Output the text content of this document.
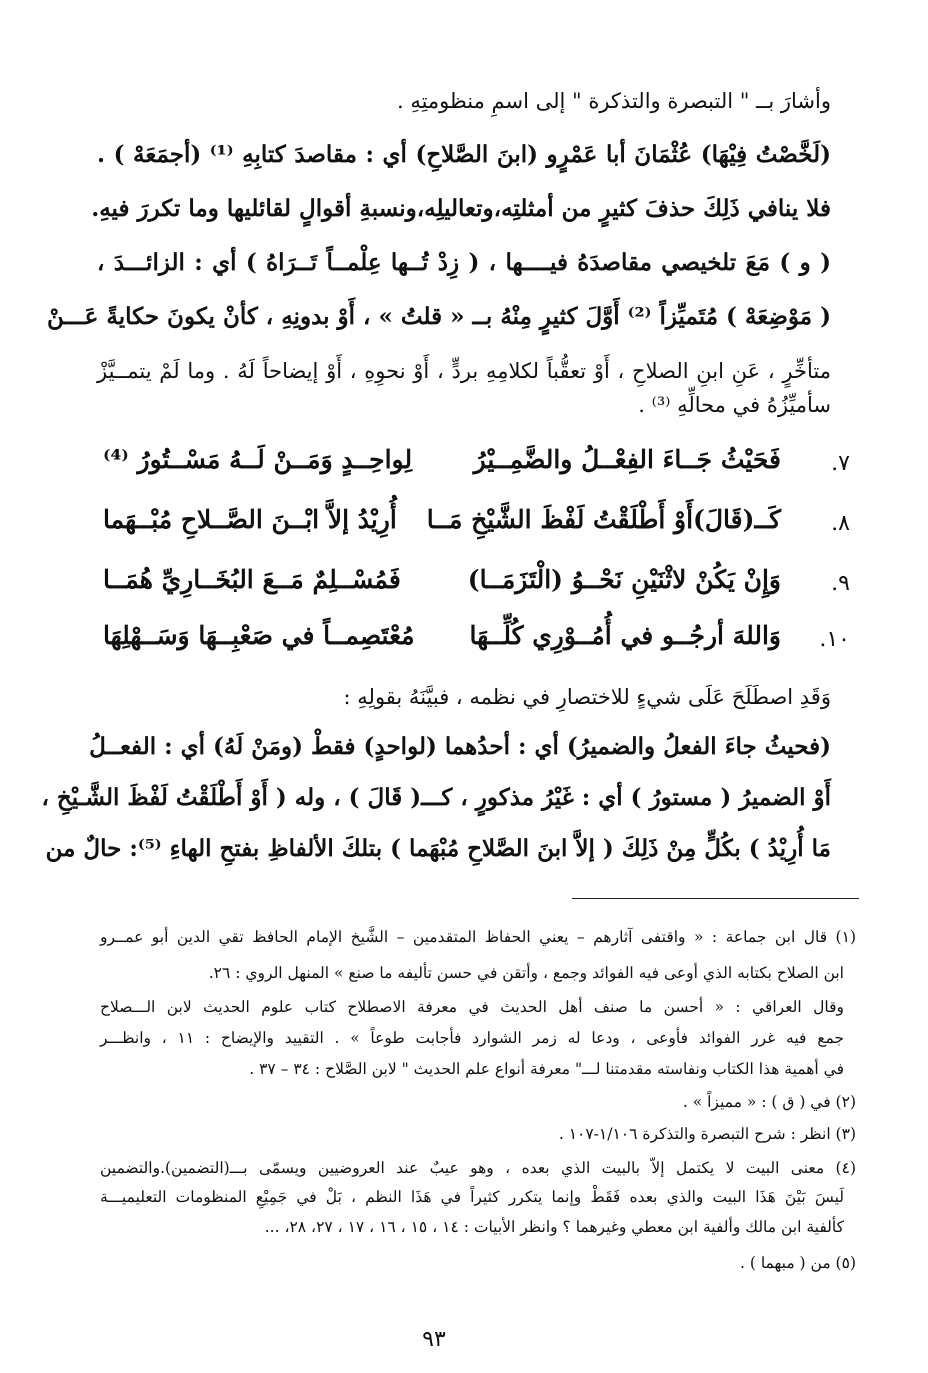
وأشارَ بــ " التبصرة والتذكرة " إلى اسمِ منظومتِهِ .
(لَخَّصْتُ فِيْهَا) عُثْمَانَ أبا عَمْرٍو (ابنَ الصَّلاحِ) أي : مقاصدَ كتابِهِ ⁽¹⁾ (أجمَعَهْ ) .
فلا ينافي ذَلِكَ حذفَ كثيرٍ من أمثلتِه،وتعاليلِه،ونسبةِ أقوالٍ لقائليها وما تكررَ فيهِ.
( و ) مَعَ تلخيصي مقاصدَهُ فيــــها ، ( زِدْ تُــها عِلْمــاً تَــرَاهُ ) أي : الزائـــدَ ،
( مَوْضِعَهْ ) مُتَميِّزاً ⁽²⁾ أَوَّلَ كثيرٍ مِنْهُ بــ « قلتُ » ، أَوْ بدونِهِ ، كأنْ يكونَ حكايةً عَـــنْ
متأخِّرٍ ، عَنِ ابنِ الصلاحِ ، أَوْ تعقُّباً لكلامِهِ بردٍّ ، أَوْ نحوِهِ ، أَوْ إيضاحاً لَهُ . وما لَمْ يتمــيَّزْ
سأميِّزُهُ في محالِّهِ ⁽³⁾ .
٧.
فَحَيْثُ جَــاءَ الفِعْــلُ والضَّمِــيْرُ
لِواحِــدٍ وَمَــنْ لَــهُ مَسْــتُورُ ⁽⁴⁾
٨.
كَــ(قَالَ)أَوْ أَطْلَقْتُ لَفْظَ الشَّيْخِ مَــا
أُرِيْدُ إلاَّ ابْــنَ الصَّــلاحِ مُبْــهَما
٩.
وَإِنْ يَكُنْ لاثْنَيْنِ نَحْــوُ (الْتَزَمَــا)
فَمُسْــلِمٌ مَــعَ البُخَــارِيِّ هُمَــا
١٠.
وَاللهَ أرجُــو في أُمُــوْرِي كُلِّــهَا
مُعْتَصِمــاً في صَعْبِــهَا وَسَــهْلِهَا
وَقَدِ اصطَلَحَ عَلَى شيءٍ للاختصارِ في نظمه ، فبيَّنَهُ بقولِهِ :
(فحيثُ جاءَ الفعلُ والضميرُ) أي : أحدُهما (لواحدٍ) فقطْ (ومَنْ لَهُ) أي : الفعــلُ
أَوْ الضميرُ ( مستورُ ) أي : غَيْرُ مذكورٍ ، كـــ( قَالَ ) ، وله ( أَوْ أَطْلَقْتُ لَفْظَ الشَّـيْخِ ،
مَا أُرِيْدُ ) بكُلٍّ مِنْ ذَلِكَ ( إلاَّ ابنَ الصَّلاحِ مُبْهَما ) بتلكَ الألفاظِ بفتحِ الهاءِ ⁽⁵⁾: حالٌ من
(١) قال ابن جماعة : « واقتفى آثارهم – يعني الحفاظ المتقدمين – الشَّيخ الإمام الحافظ تقي الدين أبو عمــرو
ابن الصلاح بكتابه الذي أوعى فيه الفوائد وجمع ، وأتقن في حسن تأليفه ما صنع » المنهل الروي : ٢٦.
وقال العراقي : « أحسن ما صنف أهل الحديث في معرفة الاصطلاح كتاب علوم الحديث لابن الـــصلاح
جمع فيه غرر الفوائد فأوعى ، ودعا له زمر الشوارد فأجابت طوعاً » . التقييد والإيضاح : ١١ ، وانظـــر
في أهمية هذا الكتاب ونفاسته مقدمتنا لـــ" معرفة أنواع علم الحديث " لابن الصَّلاح : ٣٤ – ٣٧ .
(٢) في ( ق ) : « مميزاً » .
(٣) انظر : شرح التبصرة والتذكرة ١/١٠٦-١٠٧ .
(٤) معنى البيت لا يكتمل إلاّ بالبيت الذي بعده ، وهو عيبٌ عند العروضيين ويسمّى بـــ(التضمين).والتضمين
لَيسَ بَيْنَ هَذَا البيت والذي بعده فَقَطْ وإنما يتكرر كثيراً في هَذَا النظم ، بَلْ في جَمِيْعِ المنظومات التعليميـــة
كألفية ابن مالك وألفية ابن معطي وغيرهما ؟ وانظر الأبيات : ١٤ ، ١٥ ، ١٦ ، ١٧ ، ٢٧، ٢٨، ...
(٥) من ( مبهما ) .
٩٣
